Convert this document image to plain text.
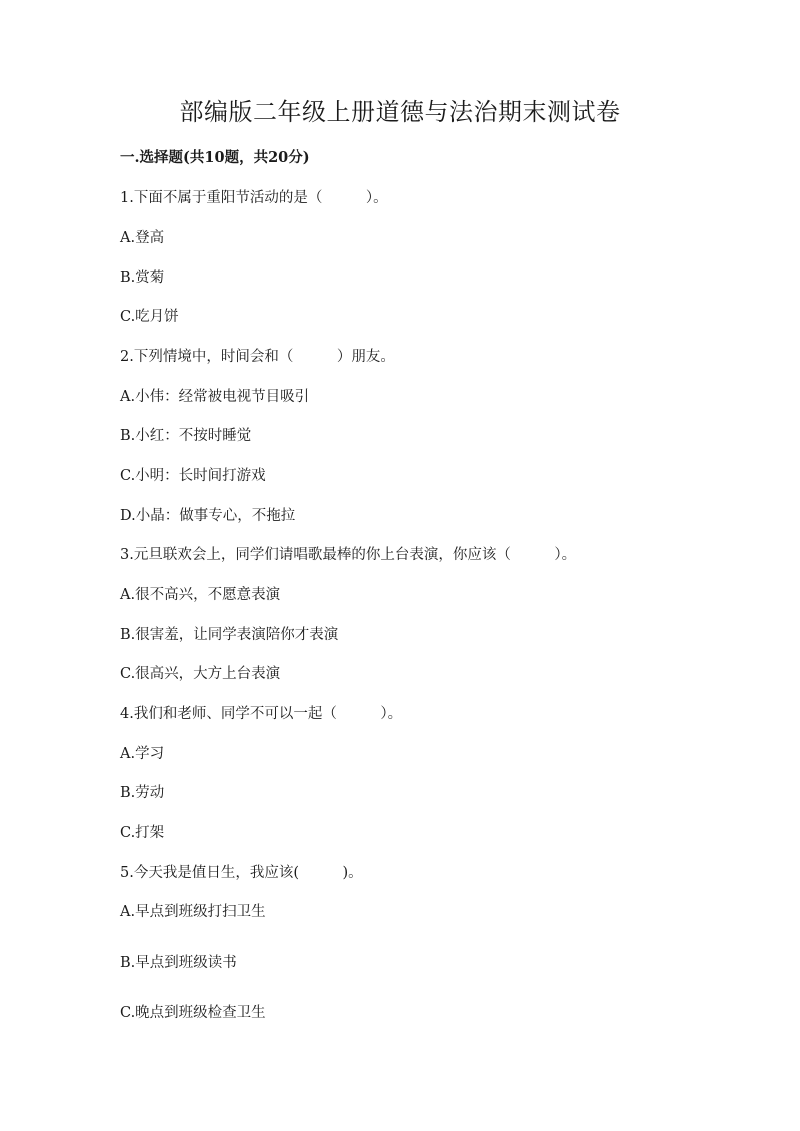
部编版二年级上册道德与法治期末测试卷
一.选择题(共10题，共20分)
1.下面不属于重阳节活动的是（　　　）。
A.登高
B.赏菊
C.吃月饼
2.下列情境中，时间会和（　　　）朋友。
A.小伟：经常被电视节目吸引
B.小红：不按时睡觉
C.小明：长时间打游戏
D.小晶：做事专心，不拖拉
3.元旦联欢会上，同学们请唱歌最棒的你上台表演，你应该（　　　）。
A.很不高兴，不愿意表演
B.很害羞，让同学表演陪你才表演
C.很高兴，大方上台表演
4.我们和老师、同学不可以一起（　　　）。
A.学习
B.劳动
C.打架
5.今天我是值日生，我应该(　　　)。
A.早点到班级打扫卫生
B.早点到班级读书
C.晚点到班级检查卫生
